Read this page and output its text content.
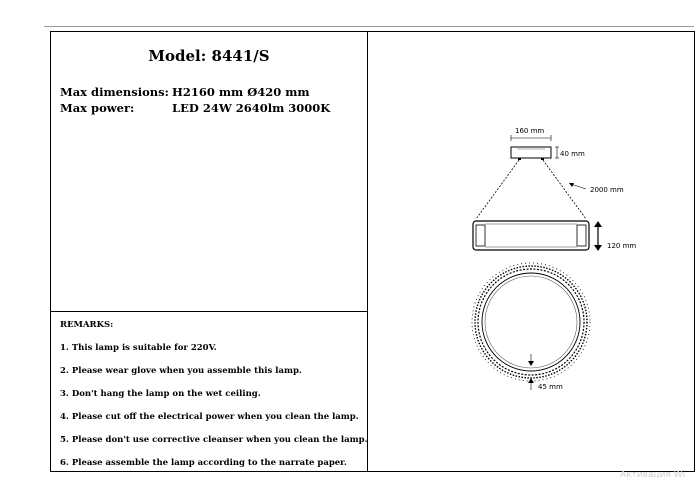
Model: 8441/S
Max dimensions: H2160 mm Ø420 mm
Max power:	LED 24W 2640lm 3000K
REMARKS:
1. This lamp is suitable for 220V.
2. Please wear glove when you assemble this lamp.
3. Don't hang the lamp on the wet ceiling.
4. Please cut off the electrical power when you clean the lamp.
5. Please don't use corrective cleanser when you clean the lamp.
6. Please assemble the lamp according to the narrate paper.
160 mm
40 mm
2000 mm
120 mm
45 mm
Активация Wi
